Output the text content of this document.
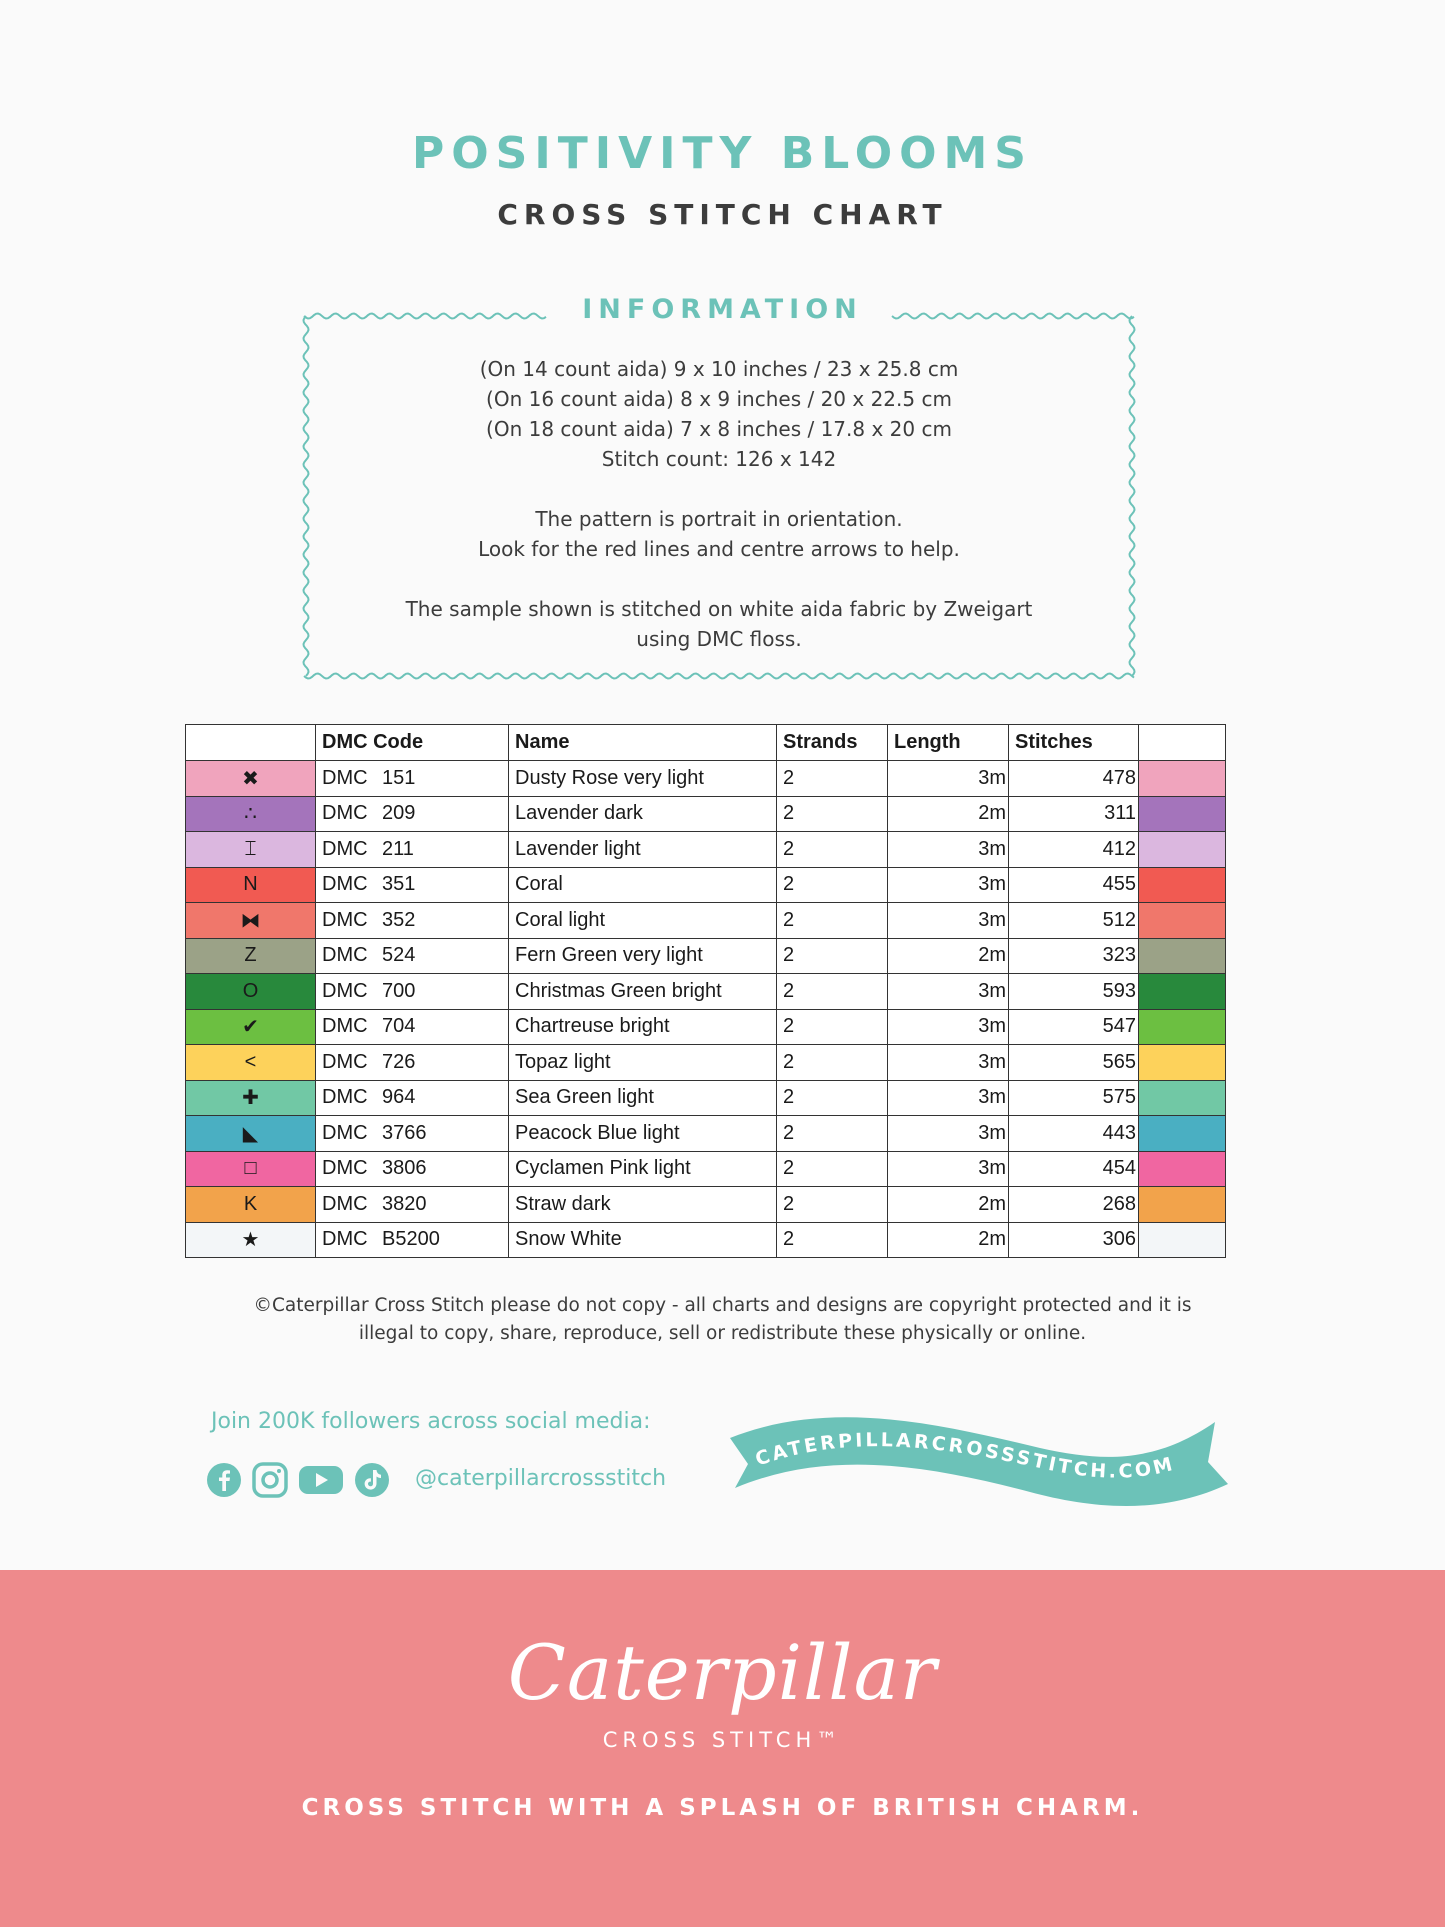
POSITIVITY BLOOMS
CROSS STITCH CHART
INFORMATION
(On 14 count aida) 9 x 10 inches / 23 x 25.8 cm
(On 16 count aida) 8 x 9 inches / 20 x 22.5 cm
(On 18 count aida) 7 x 8 inches / 17.8 x 20 cm
Stitch count: 126 x 142
The pattern is portrait in orientation.
Look for the red lines and centre arrows to help.
The sample shown is stitched on white aida fabric by Zweigart
using DMC floss.
	DMC Code	Name	Strands	Length	Stitches	
✖	DMC 151	Dusty Rose very light	2	3m	478	
∴	DMC 209	Lavender dark	2	2m	311	
⌶	DMC 211	Lavender light	2	3m	412	
N	DMC 351	Coral	2	3m	455	
⧓	DMC 352	Coral light	2	3m	512	
Z	DMC 524	Fern Green very light	2	2m	323	
O	DMC 700	Christmas Green bright	2	3m	593	
✔	DMC 704	Chartreuse bright	2	3m	547	
<	DMC 726	Topaz light	2	3m	565	
✚	DMC 964	Sea Green light	2	3m	575	
◣	DMC 3766	Peacock Blue light	2	3m	443	
□	DMC 3806	Cyclamen Pink light	2	3m	454	
K	DMC 3820	Straw dark	2	2m	268	
★	DMC B5200	Snow White	2	2m	306	
©Caterpillar Cross Stitch please do not copy - all charts and designs are copyright protected and it is
illegal to copy, share, reproduce, sell or redistribute these physically or online.
Join 200K followers across social media:
@caterpillarcrossstitch
CATERPILLARCROSSSTITCH.COM
Caterpillar
CROSS STITCH™
CROSS STITCH WITH A SPLASH OF BRITISH CHARM.
